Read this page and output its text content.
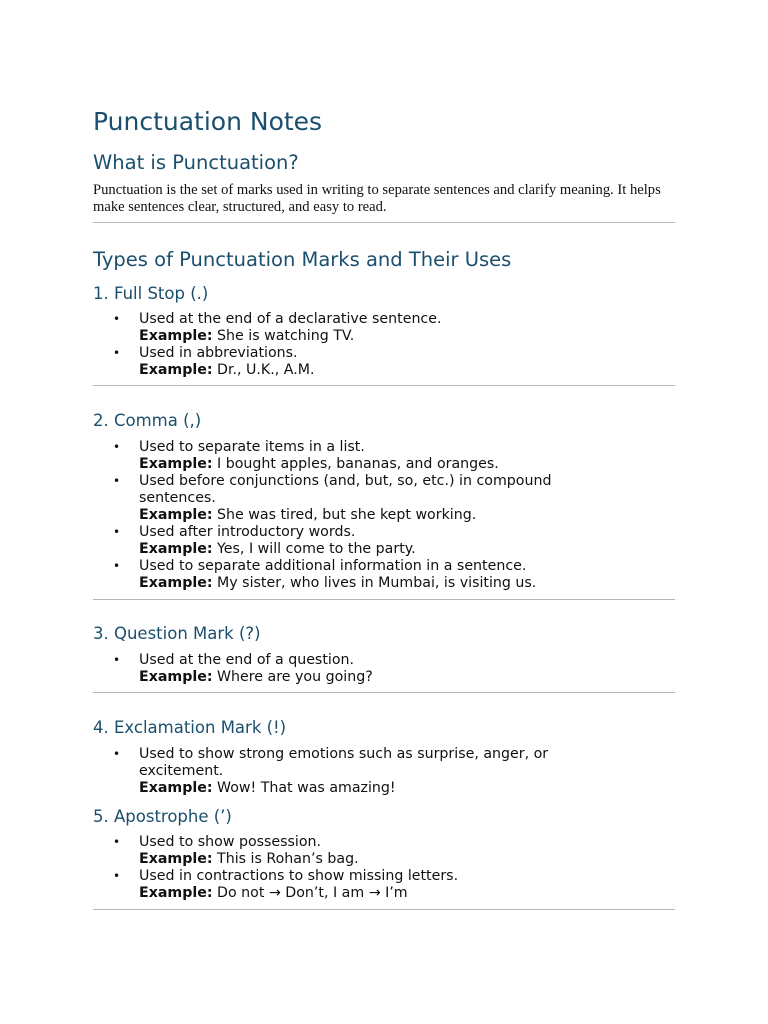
Punctuation Notes
What is Punctuation?

Punctuation is the set of marks used in writing to separate sentences and clarify meaning. It helps make sentences clear, structured, and easy to read.

Types of Punctuation Marks and Their Uses
1. Full Stop (.)
• Used at the end of a declarative sentence.
Example: She is watching TV.
• Used in abbreviations.
Example: Dr., U.K., A.M.
2. Comma (,)
• Used to separate items in a list.
Example: I bought apples, bananas, and oranges.
• Used before conjunctions (and, but, so, etc.) in compound sentences.
Example: She was tired, but she kept working.
• Used after introductory words.
Example: Yes, I will come to the party.
• Used to separate additional information in a sentence.
Example: My sister, who lives in Mumbai, is visiting us.
3. Question Mark (?)
• Used at the end of a question.
Example: Where are you going?
4. Exclamation Mark (!)
• Used to show strong emotions such as surprise, anger, or excitement.
Example: Wow! That was amazing!
5. Apostrophe (’)
• Used to show possession.
Example: This is Rohan’s bag.
• Used in contractions to show missing letters.
Example: Do not → Don’t, I am → I’m
